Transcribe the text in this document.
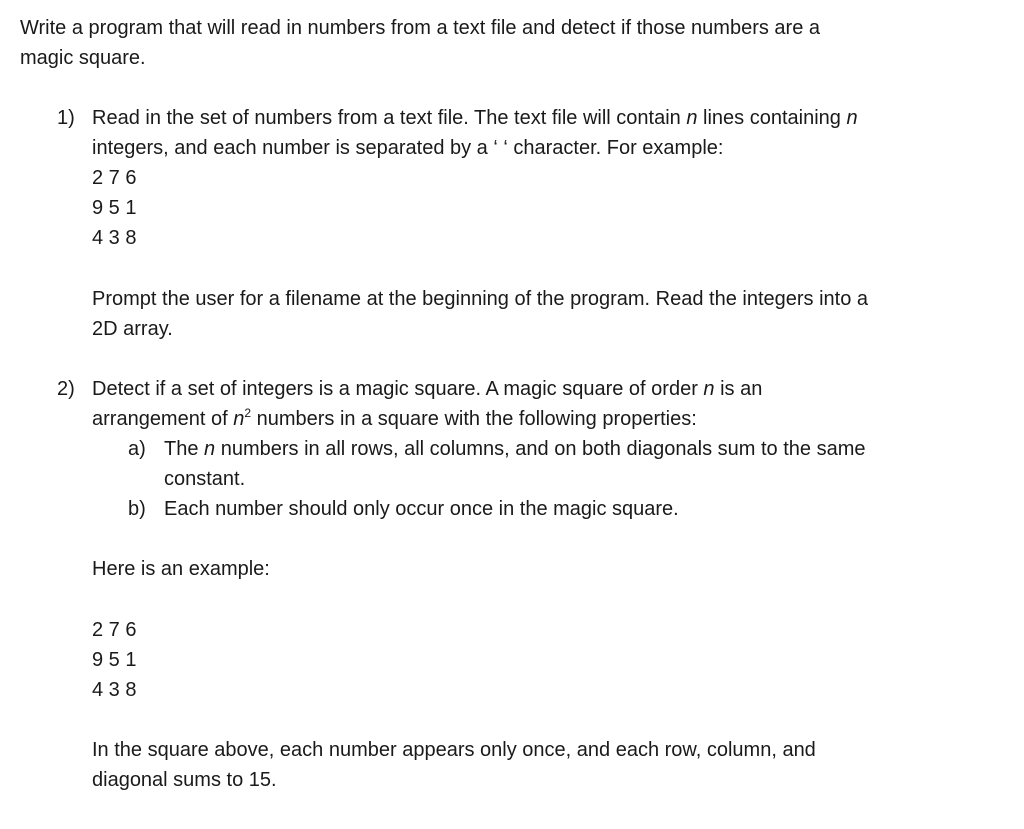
Write a program that will read in numbers from a text file and detect if those numbers are a
magic square.
1) Read in the set of numbers from a text file. The text file will contain n lines containing n
integers, and each number is separated by a ‘ ‘ character. For example:
2 7 6
9 5 1
4 3 8
Prompt the user for a filename at the beginning of the program. Read the integers into a
2D array.
2) Detect if a set of integers is a magic square. A magic square of order n is an
arrangement of $n^2$ numbers in a square with the following properties:
a) The n numbers in all rows, all columns, and on both diagonals sum to the same
constant.
b) Each number should only occur once in the magic square.
Here is an example:
2 7 6
9 5 1
4 3 8
In the square above, each number appears only once, and each row, column, and
diagonal sums to 15.
